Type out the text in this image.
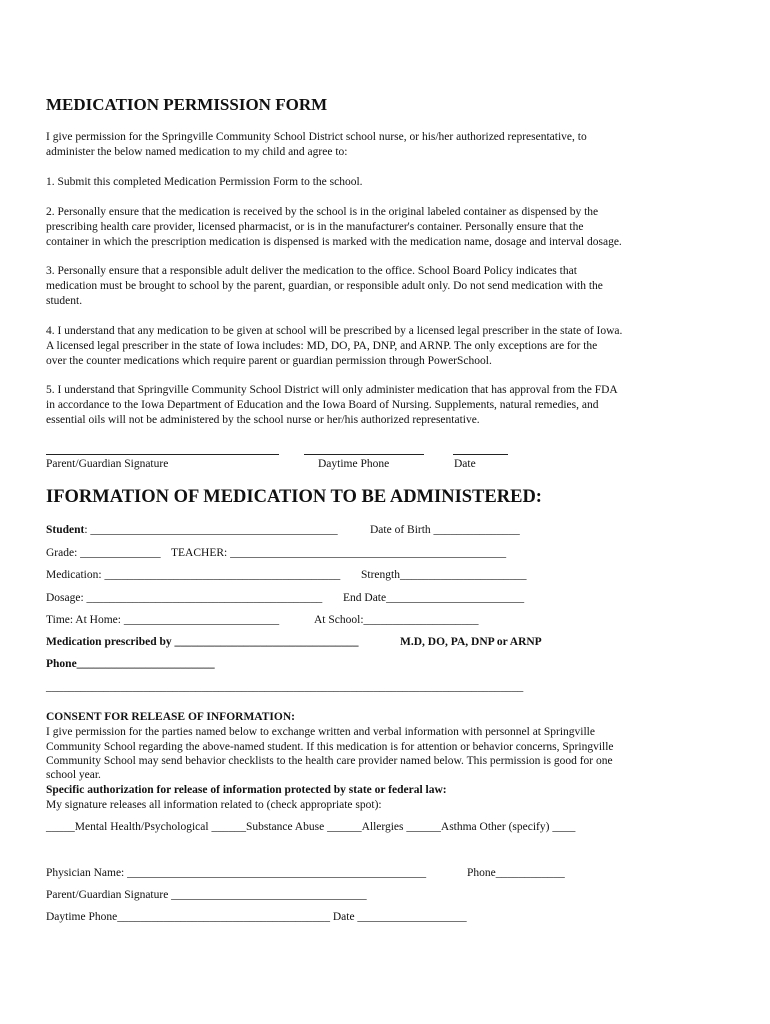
MEDICATION PERMISSION FORM
I give permission for the Springville Community School District school nurse, or his/her authorized representative, to
administer the below named medication to my child and agree to:
1. Submit this completed Medication Permission Form to the school.
2. Personally ensure that the medication is received by the school is in the original labeled container as dispensed by the
prescribing health care provider, licensed pharmacist, or is in the manufacturer's container. Personally ensure that the
container in which the prescription medication is dispensed is marked with the medication name, dosage and interval dosage.
3. Personally ensure that a responsible adult deliver the medication to the office. School Board Policy indicates that
medication must be brought to school by the parent, guardian, or responsible adult only. Do not send medication with the
student.
4. I understand that any medication to be given at school will be prescribed by a licensed legal prescriber in the state of Iowa.
A licensed legal prescriber in the state of Iowa includes: MD, DO, PA, DNP, and ARNP. The only exceptions are for the
over the counter medications which require parent or guardian permission through PowerSchool.
5. I understand that Springville Community School District will only administer medication that has approval from the FDA
in accordance to the Iowa Department of Education and the Iowa Board of Nursing. Supplements, natural remedies, and
essential oils will not be administered by the school nurse or her/his authorized representative.
Parent/Guardian Signature	Daytime Phone	Date
IFORMATION OF MEDICATION TO BE ADMINISTERED:
Student: ___________________________________________	Date of Birth _______________
Grade: ______________ TEACHER: ________________________________________________
Medication: _________________________________________ Strength______________________
Dosage: _________________________________________ End Date________________________
Time: At Home: ___________________________	At School:____________________
Medication prescribed by ________________________________	M.D, DO, PA, DNP or ARNP
Phone________________________
___________________________________________________________________________________
CONSENT FOR RELEASE OF INFORMATION:
I give permission for the parties named below to exchange written and verbal information with personnel at Springville
Community School regarding the above-named student. If this medication is for attention or behavior concerns, Springville
Community School may send behavior checklists to the health care provider named below. This permission is good for one
school year.
Specific authorization for release of information protected by state or federal law:
My signature releases all information related to (check appropriate spot):
_____Mental Health/Psychological ______Substance Abuse ______Allergies ______Asthma Other (specify) ____
Physician Name: ____________________________________________________	Phone____________
Parent/Guardian Signature __________________________________
Daytime Phone_____________________________________ Date ___________________
